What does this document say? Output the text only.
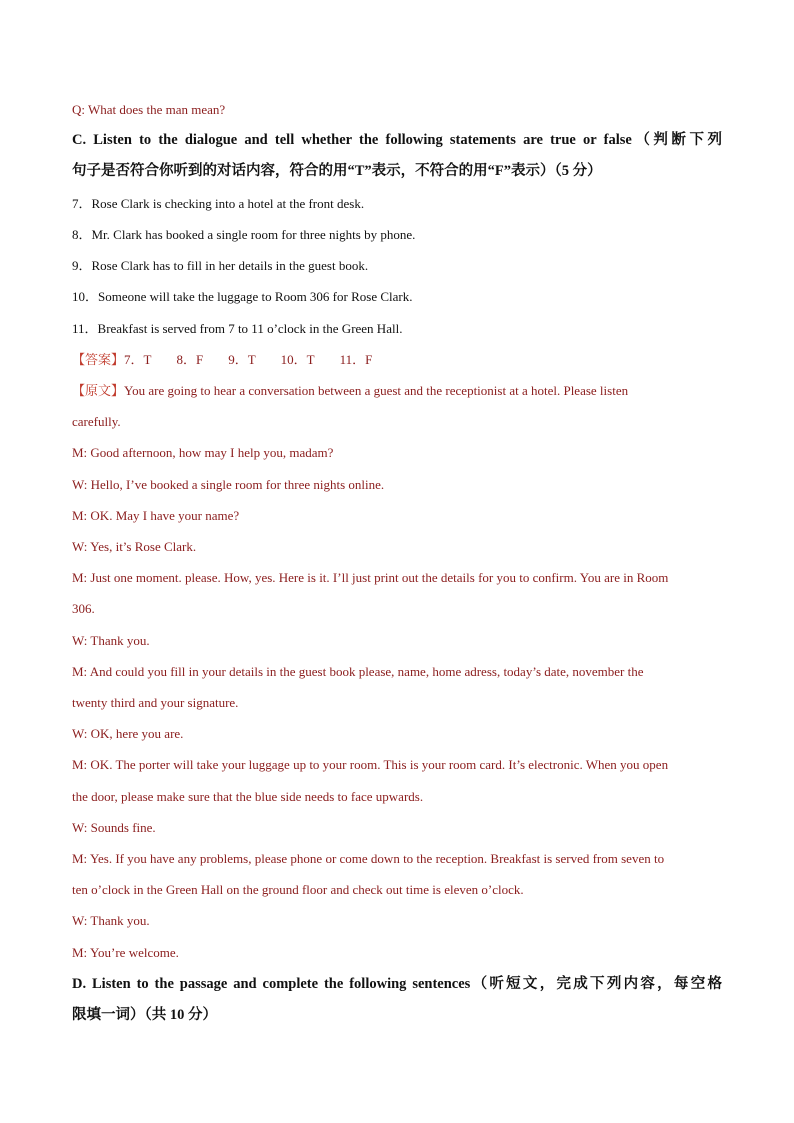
Q: What does the man mean?
C. Listen to the dialogue and tell whether the following statements are true or false（判断下列
句子是否符合你听到的对话内容，符合的用“T”表示，不符合的用“F”表示）（5 分）
7．Rose Clark is checking into a hotel at the front desk.
8．Mr. Clark has booked a single room for three nights by phone.
9．Rose Clark has to fill in her details in the guest book.
10．Someone will take the luggage to Room 306 for Rose Clark.
11．Breakfast is served from 7 to 11 o’clock in the Green Hall.
【答案】7．T 8．F 9．T 10．T 11．F
【原文】You are going to hear a conversation between a guest and the receptionist at a hotel. Please listen
carefully.
M: Good afternoon, how may I help you, madam?
W: Hello, I’ve booked a single room for three nights online.
M: OK. May I have your name?
W: Yes, it’s Rose Clark.
M: Just one moment. please. How, yes. Here is it. I’ll just print out the details for you to confirm. You are in Room
306.
W: Thank you.
M: And could you fill in your details in the guest book please, name, home adress, today’s date, november the
twenty third and your signature.
W: OK, here you are.
M: OK. The porter will take your luggage up to your room. This is your room card. It’s electronic. When you open
the door, please make sure that the blue side needs to face upwards.
W: Sounds fine.
M: Yes. If you have any problems, please phone or come down to the reception. Breakfast is served from seven to
ten o’clock in the Green Hall on the ground floor and check out time is eleven o’clock.
W: Thank you.
M: You’re welcome.
D. Listen to the passage and complete the following sentences（听短文，完成下列内容，每空格
限填一词）（共 10 分）
